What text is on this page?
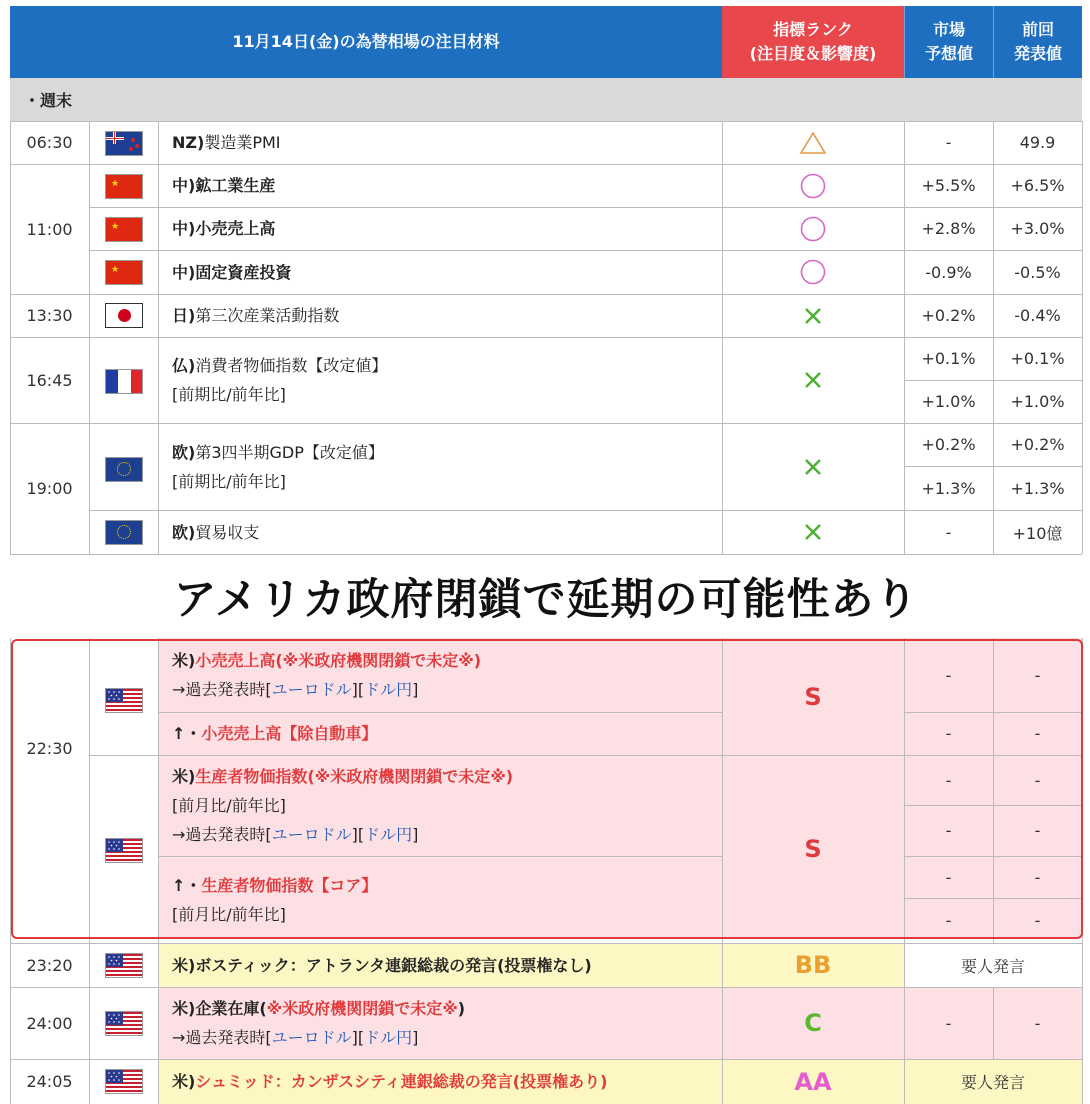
11月14日(金)の為替相場の注目材料
指標ランク
(注目度＆影響度)
市場
予想値
前回
発表値
・週末
アメリカ政府閉鎖で延期の可能性あり
06:30	NZ)製造業PMI	-	49.9
11:00
★	中)鉱工業生産	+5.5%	+6.5%
★	中)小売売上高	+2.8%	+3.0%
★	中)固定資産投資	-0.9%	-0.5%
13:30	日)第三次産業活動指数	+0.2%	-0.4%
16:45
仏)消費者物価指数【改定値】
[前期比/前年比]
+0.1%	+0.1%
+1.0%	+1.0%
19:00
欧)第3四半期GDP【改定値】
[前期比/前年比]
+0.2%	+0.2%
+1.3%	+1.3%
欧)貿易収支	-	+10億
22:30
米)小売売上高(※米政府機関閉鎖で未定※)
→過去発表時[ユーロドル][ドル円]
↑・小売売上高【除自動車】
S
-	-
-	-
米)生産者物価指数(※米政府機関閉鎖で未定※)
[前月比/前年比]
→過去発表時[ユーロドル][ドル円]
↑・生産者物価指数【コア】
[前月比/前年比]
S
-	-
-	-
-	-
-	-
23:20	米)ボスティック：アトランタ連銀総裁の発言(投票権なし)	BB	要人発言
24:00
米)企業在庫(※米政府機関閉鎖で未定※)
→過去発表時[ユーロドル][ドル円]
C	-	-
24:05	米)シュミッド：カンザスシティ連銀総裁の発言(投票権あり)	AA	要人発言
